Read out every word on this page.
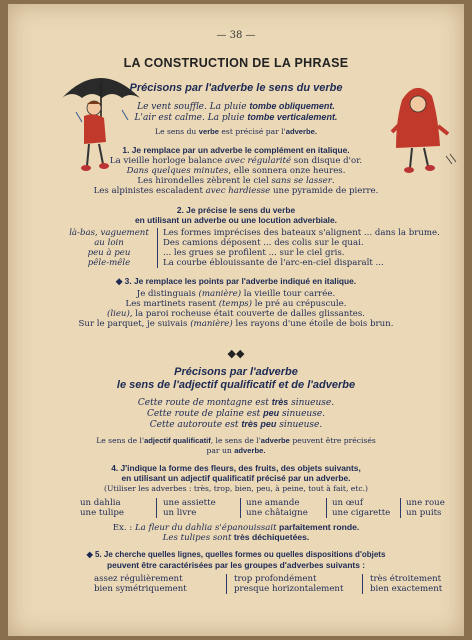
— 38 —
LA CONSTRUCTION DE LA PHRASE
Précisons par l'adverbe le sens du verbe
Le vent souffle. La pluie tombe obliquement.
L'air est calme. La pluie tombe verticalement.
Le sens du verbe est précisé par l'adverbe.
1. Je remplace par un adverbe le complément en italique.
La vieille horloge balance avec régularité son disque d'or.
Dans quelques minutes, elle sonnera onze heures.
Les hirondelles zèbrent le ciel sans se lasser.
Les alpinistes escaladent avec hardiesse une pyramide de pierre.
2. Je précise le sens du verbe
en utilisant un adverbe ou une locution adverbiale.
là-bas, vaguement
au loin
peu à peu
pêle-mêle
Les formes imprécises des bateaux s'alignent ... dans la brume.
Des camions déposent ... des colis sur le quai.
... les grues se profilent ... sur le ciel gris.
La courbe éblouissante de l'arc-en-ciel disparaît ...
◆ 3. Je remplace les points par l'adverbe indiqué en italique.
Je distinguais (manière) la vieille tour carrée.
Les martinets rasent (temps) le pré au crépuscule.
(lieu), la paroi rocheuse était couverte de dalles glissantes.
Sur le parquet, je suivais (manière) les rayons d'une étoile de bois brun.
◆◆
Précisons par l'adverbe
le sens de l'adjectif qualificatif et de l'adverbe
Cette route de montagne est très sinueuse.
Cette route de plaine est peu sinueuse.
Cette autoroute est très peu sinueuse.
Le sens de l'adjectif qualificatif, le sens de l'adverbe peuvent être précisés
par un adverbe.
4. J'indique la forme des fleurs, des fruits, des objets suivants,
en utilisant un adjectif qualificatif précisé par un adverbe.
(Utiliser les adverbes : très, trop, bien, peu, à peine, tout à fait, etc.)
un dahlia
une tulipe
une assiette
un livre
une amande
une châtaigne
un œuf
une cigarette
une roue
un puits
Ex. : La fleur du dahlia s'épanouissait parfaitement ronde.
Les tulipes sont très déchiquetées.
◆ 5. Je cherche quelles lignes, quelles formes ou quelles dispositions d'objets
peuvent être caractérisées par les groupes d'adverbes suivants :
assez régulièrement
bien symétriquement
trop profondément
presque horizontalement
très étroitement
bien exactement
